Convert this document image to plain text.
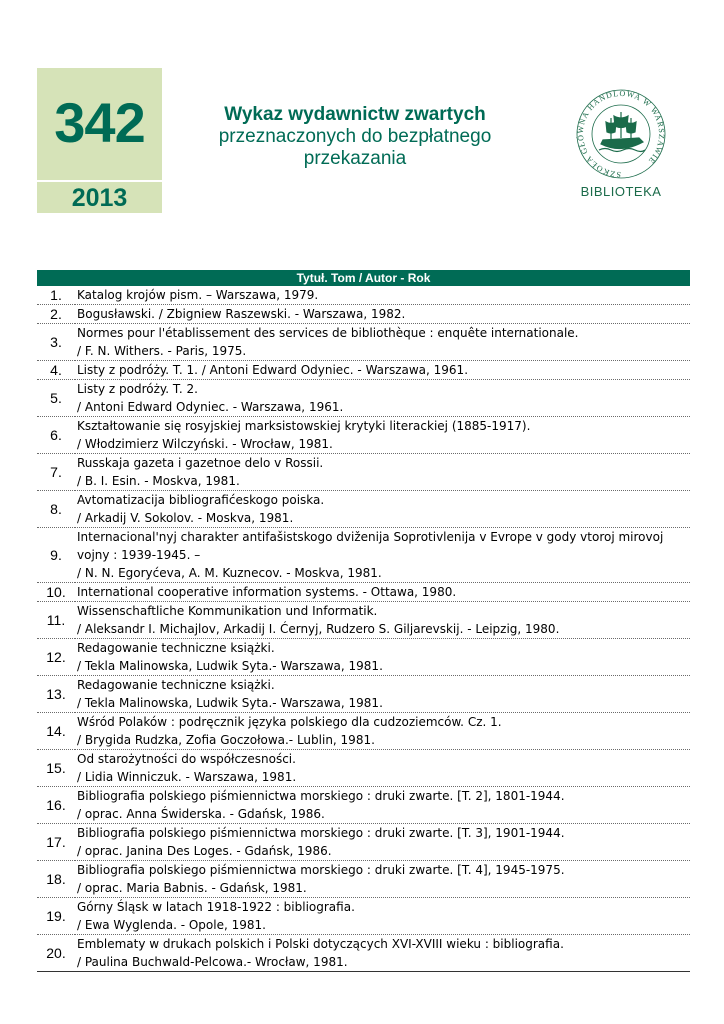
342
2013
Wykaz wydawnictw zwartych
przeznaczonych do bezpłatnego
przekazania
SZKOŁA GŁÓWNA HANDLOWA W WARSZAWIE
BIBLIOTEKA
Tytuł. Tom / Autor - Rok	
1.	Katalog krojów pism. – Warszawa, 1979.

2.	Bogusławski. / Zbigniew Raszewski. - Warszawa, 1982.

3.	Normes pour l'établissement des services de bibliothèque : enquête internationale.
/ F. N. Withers. - Paris, 1975.

4.	Listy z podróży. T. 1. / Antoni Edward Odyniec. - Warszawa, 1961.

5.	Listy z podróży. T. 2.
/ Antoni Edward Odyniec. - Warszawa, 1961.

6.	Kształtowanie się rosyjskiej marksistowskiej krytyki literackiej (1885-1917).
/ Włodzimierz Wilczyński. - Wrocław, 1981.

7.	Russkaja gazeta i gazetnoe delo v Rossii.
/ B. I. Esin. - Moskva, 1981.

8.	Avtomatizacija bibliografićeskogo poiska.
/ Arkadij V. Sokolov. - Moskva, 1981.

9.	Internacional'nyj charakter antifašistskogo dviženija Soprotivlenija v Evrope v gody vtoroj mirovoj
vojny : 1939-1945. –
/ N. N. Egoryćeva, A. M. Kuznecov. - Moskva, 1981.

10.	International cooperative information systems. - Ottawa, 1980.

11.	Wissenschaftliche Kommunikation und Informatik.
/ Aleksandr I. Michajlov, Arkadij I. Ćernyj, Rudzero S. Giljarevskij. - Leipzig, 1980.

12.	Redagowanie techniczne książki.
/ Tekla Malinowska, Ludwik Syta.- Warszawa, 1981.

13.	Redagowanie techniczne książki.
/ Tekla Malinowska, Ludwik Syta.- Warszawa, 1981.

14.	Wśród Polaków : podręcznik języka polskiego dla cudzoziemców. Cz. 1.
/ Brygida Rudzka, Zofia Goczołowa.- Lublin, 1981.

15.	Od starożytności do współczesności.
/ Lidia Winniczuk. - Warszawa, 1981.

16.	Bibliografia polskiego piśmiennictwa morskiego : druki zwarte. [T. 2], 1801-1944.
/ oprac. Anna Świderska. - Gdańsk, 1986.

17.	Bibliografia polskiego piśmiennictwa morskiego : druki zwarte. [T. 3], 1901-1944.
/ oprac. Janina Des Loges. - Gdańsk, 1986.

18.	Bibliografia polskiego piśmiennictwa morskiego : druki zwarte. [T. 4], 1945-1975.
/ oprac. Maria Babnis. - Gdańsk, 1981.

19.	Górny Śląsk w latach 1918-1922 : bibliografia.
/ Ewa Wyglenda. - Opole, 1981.

20.	Emblematy w drukach polskich i Polski dotyczących XVI-XVIII wieku : bibliografia.
/ Paulina Buchwald-Pelcowa.- Wrocław, 1981.
